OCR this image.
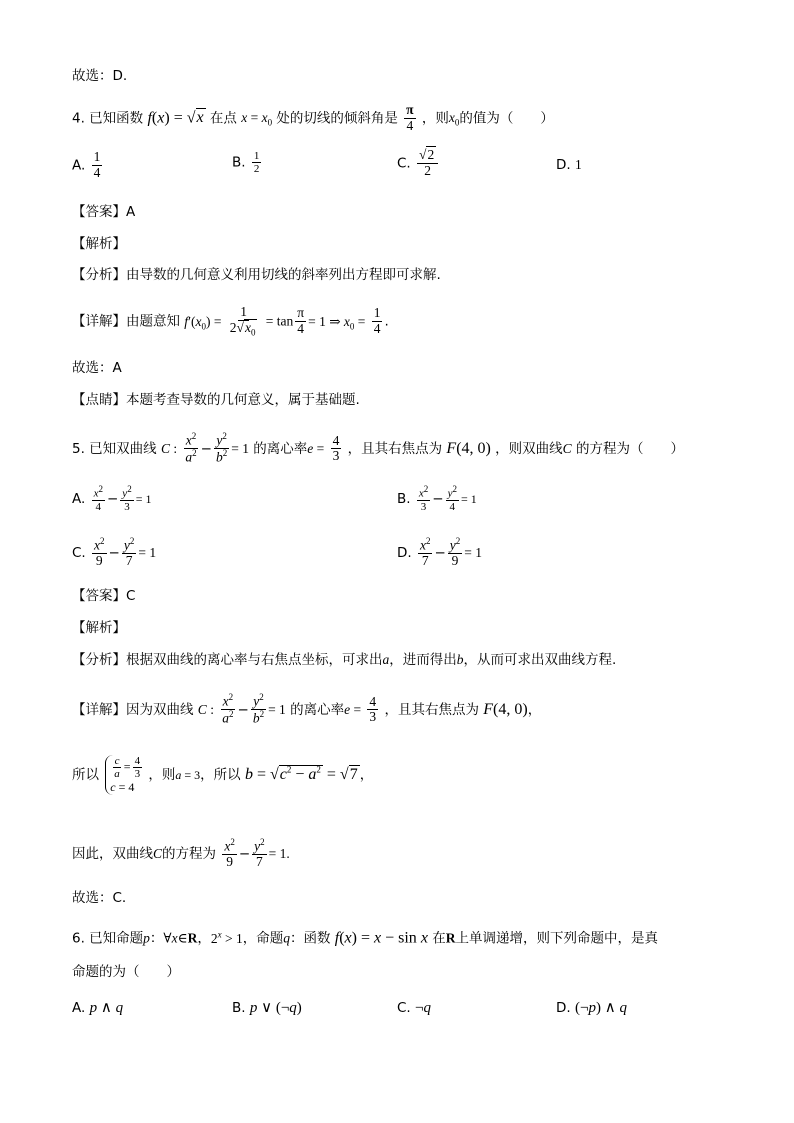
故选：D.
4. 已知函数 f(x) = √x 在点 $x = x_0$ 处的切线的倾斜角是 $\frac{\pi}{4}$ ，则$x_0$的值为（　　）
A. $\frac{1}{4}$	B. $\frac{1}{2}$	C. $\frac{√2}{2}$	D. 1
【答案】A
【解析】
【分析】由导数的几何意义利用切线的斜率列出方程即可求解.
【详解】由题意知 $f'(x_0) = \frac{1}{2√x_0} = \tan \frac{\pi}{4} = 1$ ⇒ $x_0 = \frac{1}{4}$ .
故选：A
【点睛】本题考查导数的几何意义，属于基础题.
5. 已知双曲线 C : $\frac{x^2}{a^2} - \frac{y^2}{b^2} = 1$ 的离心率$e = \frac{4}{3}$ ，且其右焦点为 F(4, 0) ，则双曲线C 的方程为（　　）
A. $\frac{x^2}{4} - \frac{y^2}{3} = 1$	B. $\frac{x^2}{3} - \frac{y^2}{4} = 1$
C. $\frac{x^2}{9} - \frac{y^2}{7} = 1$	D. $\frac{x^2}{7} - \frac{y^2}{9} = 1$
【答案】C
【解析】
【分析】根据双曲线的离心率与右焦点坐标，可求出a，进而得出b，从而可求出双曲线方程.
【详解】因为双曲线 C : $\frac{x^2}{a^2} - \frac{y^2}{b^2} = 1$ 的离心率$e = \frac{4}{3}$ ，且其右焦点为 F(4, 0)，
所以 $\frac{c}{a} = \frac{4}{3}$
c = 4
，则a = 3，所以 $b = √c^2 - a^2 = √7$ ，
因此，双曲线C的方程为 $\frac{x^2}{9} - \frac{y^2}{7} = 1$.
故选：C.
6. 已知命题p：∀x∈R，$2^x > 1$，命题q：函数 f(x) = x − sin x 在R上单调递增，则下列命题中，是真
命题的为（　　）
A. p ∧ q	B. p ∨ (¬q)	C. ¬q	D. (¬p) ∧ q
